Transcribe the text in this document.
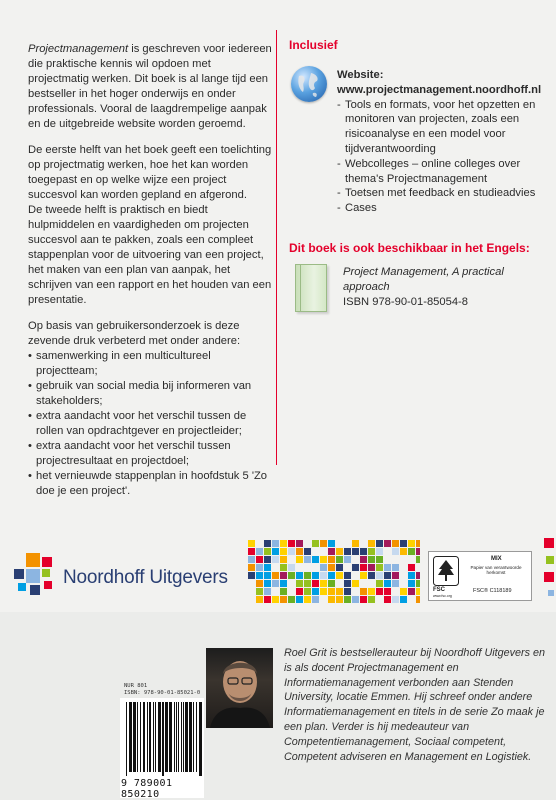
Projectmanagement is geschreven voor iedereen die praktische kennis wil opdoen met projectmatig werken. Dit boek is al lange tijd een bestseller in het hoger onderwijs en onder professionals. Vooral de laagdrempelige aanpak en de uitgebreide website worden geroemd.

De eerste helft van het boek geeft een toelichting op projectmatig werken, hoe het kan worden toegepast en op welke wijze een project succesvol kan worden gepland en afgerond.

De tweede helft is praktisch en biedt hulpmiddelen en vaardigheden om projecten succesvol aan te pakken, zoals een compleet stappenplan voor de uitvoering van een project, het maken van een plan van aanpak, het schrijven van een rapport en het houden van een presentatie.

Op basis van gebruikersonderzoek is deze zevende druk verbeterd met onder andere:

• samenwerking in een multicultureel projectteam;
• gebruik van social media bij informeren van stakeholders;
• extra aandacht voor het verschil tussen de rollen van opdrachtgever en projectleider;
• extra aandacht voor het verschil tussen projectresultaat en projectdoel;
• het vernieuwde stappenplan in hoofdstuk 5 'Zo doe je een project'.
Inclusief
Website:
www.projectmanagement.noordhoff.nl
- Tools en formats, voor het opzetten en monitoren van projecten, zoals een risicoanalyse en een model voor tijdverantwoording
- Webcolleges – online colleges over thema's Projectmanagement
- Toetsen met feedback en studieadvies
- Cases
Dit boek is ook beschikbaar in het Engels:
Project Management, A practical approach
ISBN 978-90-01-85054-8
Noordhoff Uitgevers
FSC
www.fsc.org
MIX
Papier van verantwoorde herkomst
FSC® C118189
Roel Grit is bestsellerauteur bij Noordhoff Uitgevers en is als docent Projectmanagement en Informatiemanagement verbonden aan Stenden University, locatie Emmen. Hij schreef onder andere Informatiemanagement en titels in de serie Zo maak je een plan. Verder is hij medeauteur van Competentiemanagement, Sociaal competent, Competent adviseren en Management en Logistiek.
NUR 801
ISBN: 978-90-01-85021-0
9 789001 850210
